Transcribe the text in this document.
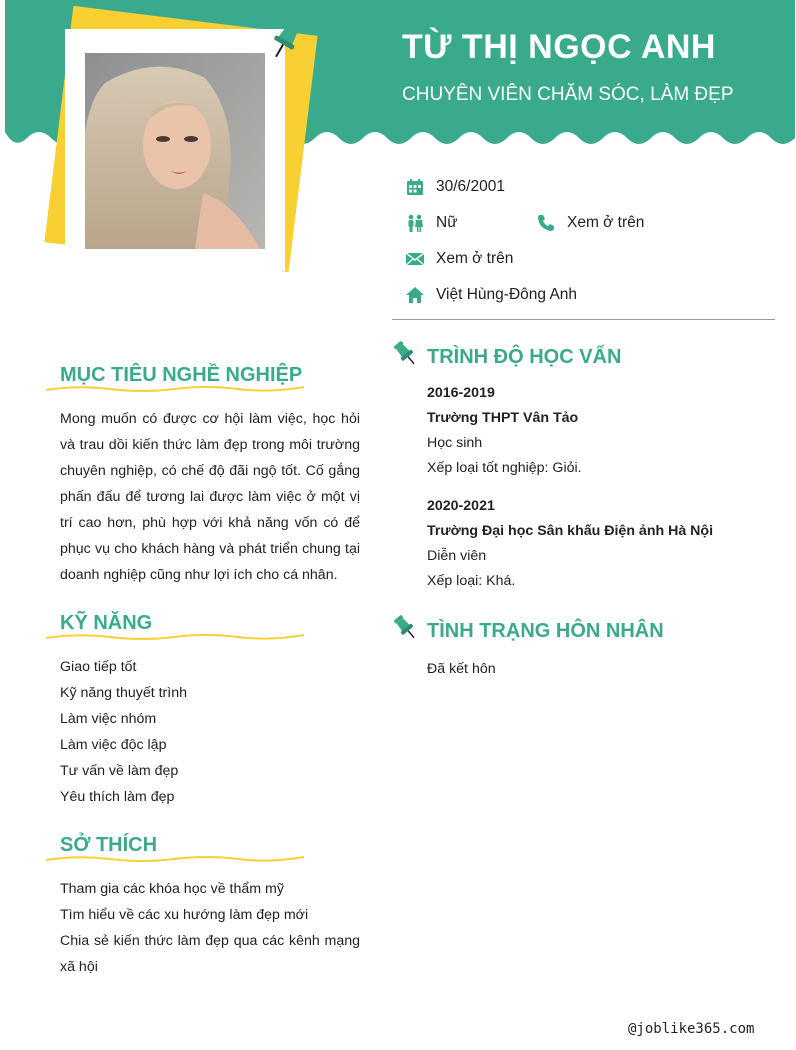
TỪ THỊ NGỌC ANH
CHUYÊN VIÊN CHĂM SÓC, LÀM ĐẸP
30/6/2001
Nữ	Xem ở trên
Xem ở trên
Việt Hùng-Đông Anh
MỤC TIÊU NGHỀ NGHIỆP
Mong muốn có được cơ hội làm việc, học hỏi và trau dồi kiến thức làm đẹp trong môi trường chuyên nghiệp, có chế độ đãi ngộ tốt. Cố gắng phấn đấu để tương lai được làm việc ở một vị trí cao hơn, phù hợp với khả năng vốn có để phục vụ cho khách hàng và phát triển chung tại doanh nghiệp cũng như lợi ích cho cá nhân.
KỸ NĂNG
Giao tiếp tốt
Kỹ năng thuyết trình
Làm việc nhóm
Làm việc độc lập
Tư vấn về làm đẹp
Yêu thích làm đẹp
SỞ THÍCH
Tham gia các khóa học về thẩm mỹ
Tìm hiểu về các xu hướng làm đẹp mới
Chia sẻ kiến thức làm đẹp qua các kênh mạng xã hội
TRÌNH ĐỘ HỌC VẤN
2016-2019
Trường THPT Vân Tảo
Học sinh
Xếp loại tốt nghiệp: Giỏi.
2020-2021
Trường Đại học Sân khấu Điện ảnh Hà Nội
Diễn viên
Xếp loại: Khá.
TÌNH TRẠNG HÔN NHÂN
Đã kết hôn
@joblike365.com
